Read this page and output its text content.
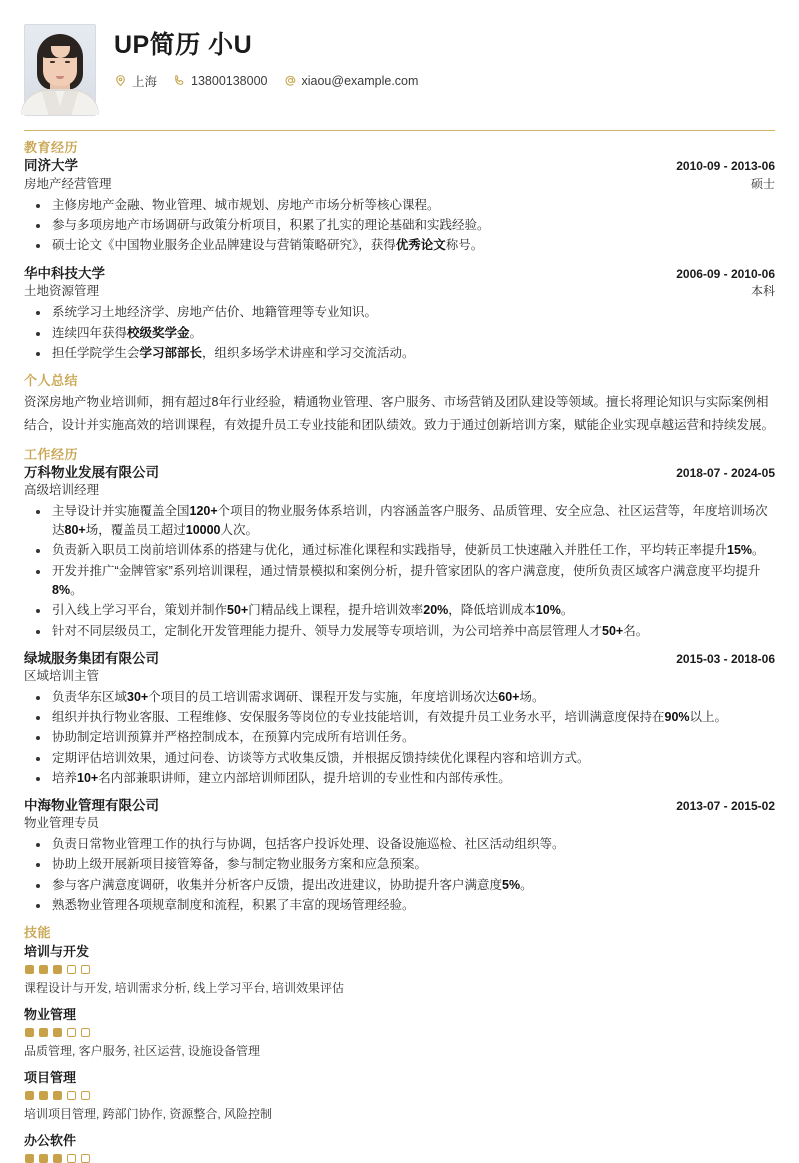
UP简历 小U
上海	13800138000	xiaou@example.com
教育经历
同济大学	2010-09 - 2013-06
房地产经营管理	硕士
主修房地产金融、物业管理、城市规划、房地产市场分析等核心课程。
参与多项房地产市场调研与政策分析项目，积累了扎实的理论基础和实践经验。
硕士论文《中国物业服务企业品牌建设与营销策略研究》，获得优秀论文称号。
华中科技大学	2006-09 - 2010-06
土地资源管理	本科
系统学习土地经济学、房地产估价、地籍管理等专业知识。
连续四年获得校级奖学金。
担任学院学生会学习部部长，组织多场学术讲座和学习交流活动。
个人总结
资深房地产物业培训师，拥有超过8年行业经验，精通物业管理、客户服务、市场营销及团队建设等领域。擅长将理论知识与实际案例相结合，设计并实施高效的培训课程，有效提升员工专业技能和团队绩效。致力于通过创新培训方案，赋能企业实现卓越运营和持续发展。
工作经历
万科物业发展有限公司	2018-07 - 2024-05
高级培训经理
主导设计并实施覆盖全国120+个项目的物业服务体系培训，内容涵盖客户服务、品质管理、安全应急、社区运营等，年度培训场次达80+场，覆盖员工超过10000人次。
负责新入职员工岗前培训体系的搭建与优化，通过标准化课程和实践指导，使新员工快速融入并胜任工作，平均转正率提升15%。
开发并推广“金牌管家”系列培训课程，通过情景模拟和案例分析，提升管家团队的客户满意度，使所负责区域客户满意度平均提升8%。
引入线上学习平台，策划并制作50+门精品线上课程，提升培训效率20%，降低培训成本10%。
针对不同层级员工，定制化开发管理能力提升、领导力发展等专项培训，为公司培养中高层管理人才50+名。
绿城服务集团有限公司	2015-03 - 2018-06
区域培训主管
负责华东区域30+个项目的员工培训需求调研、课程开发与实施，年度培训场次达60+场。
组织并执行物业客服、工程维修、安保服务等岗位的专业技能培训，有效提升员工业务水平，培训满意度保持在90%以上。
协助制定培训预算并严格控制成本，在预算内完成所有培训任务。
定期评估培训效果，通过问卷、访谈等方式收集反馈，并根据反馈持续优化课程内容和培训方式。
培养10+名内部兼职讲师，建立内部培训师团队，提升培训的专业性和内部传承性。
中海物业管理有限公司	2013-07 - 2015-02
物业管理专员
负责日常物业管理工作的执行与协调，包括客户投诉处理、设备设施巡检、社区活动组织等。
协助上级开展新项目接管筹备，参与制定物业服务方案和应急预案。
参与客户满意度调研，收集并分析客户反馈，提出改进建议，协助提升客户满意度5%。
熟悉物业管理各项规章制度和流程，积累了丰富的现场管理经验。
技能
培训与开发
课程设计与开发, 培训需求分析, 线上学习平台, 培训效果评估
物业管理
品质管理, 客户服务, 社区运营, 设施设备管理
项目管理
培训项目管理, 跨部门协作, 资源整合, 风险控制
办公软件
